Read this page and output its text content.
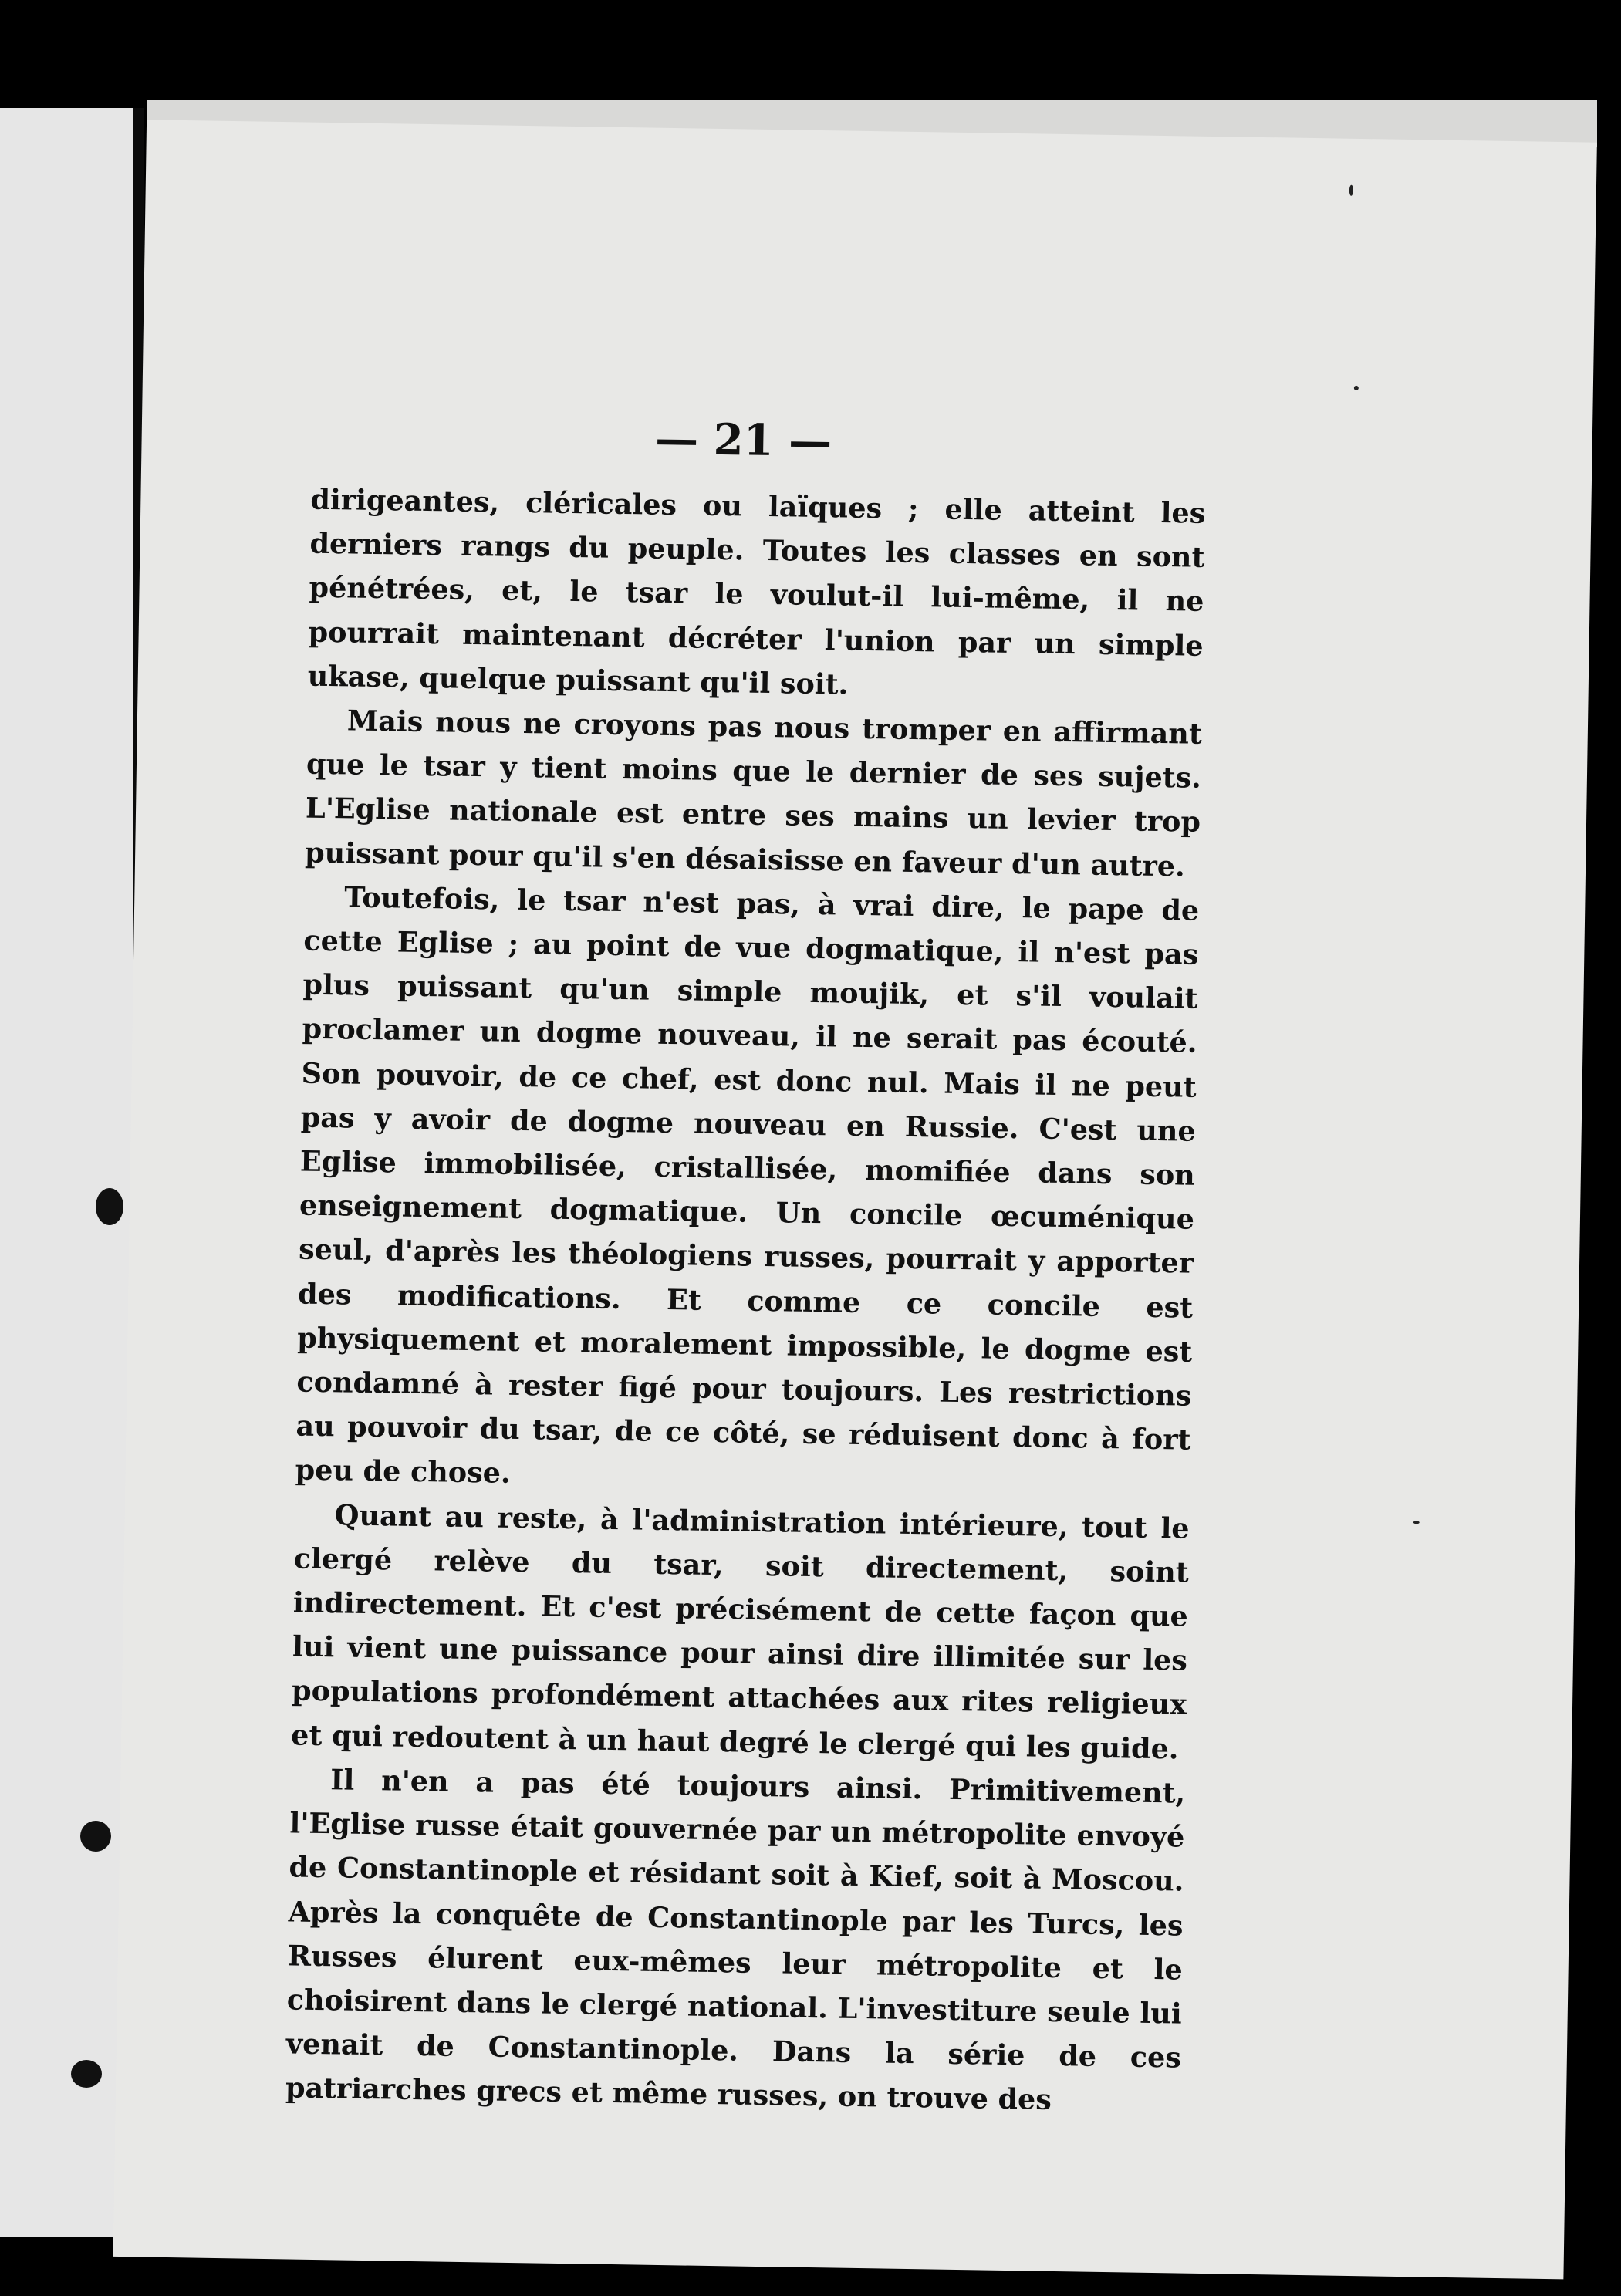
— 21 —

dirigeantes, cléricales ou laïques ; elle atteint les derniers rangs du peuple. Toutes les classes en sont pénétrées, et, le tsar le voulut-il lui-même, il ne pourrait maintenant décréter l'union par un simple ukase, quelque puissant qu'il soit.

Mais nous ne croyons pas nous tromper en affirmant que le tsar y tient moins que le dernier de ses sujets. L'Eglise nationale est entre ses mains un levier trop puissant pour qu'il s'en désaisisse en faveur d'un autre.

Toutefois, le tsar n'est pas, à vrai dire, le pape de cette Eglise ; au point de vue dogmatique, il n'est pas plus puissant qu'un simple moujik, et s'il voulait proclamer un dogme nouveau, il ne serait pas écouté. Son pouvoir, de ce chef, est donc nul. Mais il ne peut pas y avoir de dogme nouveau en Russie. C'est une Eglise immobilisée, cristallisée, momifiée dans son enseignement dogmatique. Un concile œcuménique seul, d'après les théologiens russes, pourrait y apporter des modifications. Et comme ce concile est physiquement et moralement impossible, le dogme est condamné à rester figé pour toujours. Les restrictions au pouvoir du tsar, de ce côté, se réduisent donc à fort peu de chose.

Quant au reste, à l'administration intérieure, tout le clergé relève du tsar, soit directement, soint indirectement. Et c'est précisément de cette façon que lui vient une puissance pour ainsi dire illimitée sur les populations profondément attachées aux rites religieux et qui redoutent à un haut degré le clergé qui les guide.

Il n'en a pas été toujours ainsi. Primitivement, l'Eglise russe était gouvernée par un métropolite envoyé de Constantinople et résidant soit à Kief, soit à Moscou. Après la conquête de Constantinople par les Turcs, les Russes élurent eux-mêmes leur métropolite et le choisirent dans le clergé national. L'investiture seule lui venait de Constantinople. Dans la série de ces patriarches grecs et même russes, on trouve des
